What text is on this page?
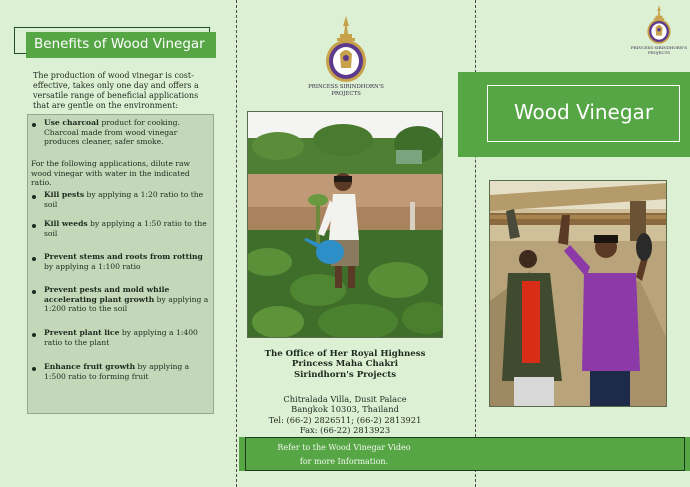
Benefits of Wood Vinegar
The production of wood vinegar is cost-effective, takes only one day and offers a versatile range of beneficial applications that are gentle on the environment:
Use charcoal product for cooking. Charcoal made from wood vinegar produces cleaner, safer smoke.
For the following applications, dilute raw wood vinegar with water in the indicated ratio.
Kill pests by applying a 1:20 ratio to the soil
Kill weeds by applying a 1:50 ratio to the soil
Prevent stems and roots from rotting by applying a 1:100 ratio
Prevent pests and mold while accelerating plant growth by applying a 1:200 ratio to the soil
Prevent plant lice by applying a 1:400 ratio to the plant
Enhance fruit growth by applying a 1:500 ratio to forming fruit
PRINCESS SIRINDHORN'S
PROJECTS
The Office of Her Royal Highness
Princess Maha Chakri
Sirindhorn's Projects
Chitralada Villa, Dusit Palace
Bangkok 10303, Thailand
Tel: (66-2) 2826511; (66-2) 2813921
Fax: (66-22) 2813923
Refer to the Wood Vinegar Video
for more Information.
PRINCESS SIRINDHORN'S
PROJECTS
Wood Vinegar
